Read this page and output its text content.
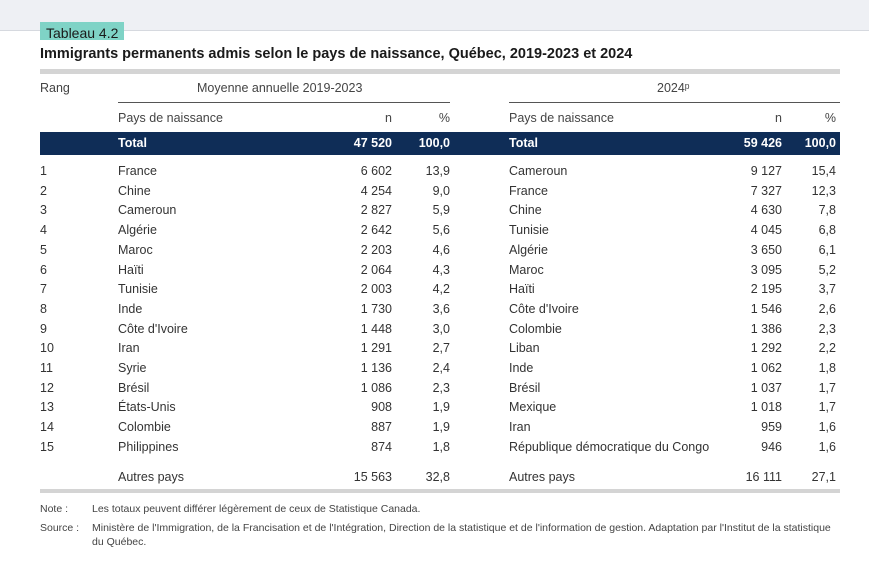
Tableau 4.2
Immigrants permanents admis selon le pays de naissance, Québec, 2019-2023 et 2024
Rang	Moyenne annuelle 2019-2023	2024ᵖ
Pays de naissance	n	%	Pays de naissance	n	%
Total	47 520	100,0	Total	59 426	100,0
1	France	6 602	13,9	Cameroun	9 127	15,4
2	Chine	4 254	9,0	France	7 327	12,3
3	Cameroun	2 827	5,9	Chine	4 630	7,8
4	Algérie	2 642	5,6	Tunisie	4 045	6,8
5	Maroc	2 203	4,6	Algérie	3 650	6,1
6	Haïti	2 064	4,3	Maroc	3 095	5,2
7	Tunisie	2 003	4,2	Haïti	2 195	3,7
8	Inde	1 730	3,6	Côte d'Ivoire	1 546	2,6
9	Côte d'Ivoire	1 448	3,0	Colombie	1 386	2,3
10	Iran	1 291	2,7	Liban	1 292	2,2
11	Syrie	1 136	2,4	Inde	1 062	1,8
12	Brésil	1 086	2,3	Brésil	1 037	1,7
13	États-Unis	908	1,9	Mexique	1 018	1,7
14	Colombie	887	1,9	Iran	959	1,6
15	Philippines	874	1,8	République démocratique du Congo	946	1,6
Autres pays	15 563	32,8	Autres pays	16 111	27,1
Note : Les totaux peuvent différer légèrement de ceux de Statistique Canada.
Source : Ministère de l'Immigration, de la Francisation et de l'Intégration, Direction de la statistique et de l'information de gestion. Adaptation par l'Institut de la statistique du Québec.
